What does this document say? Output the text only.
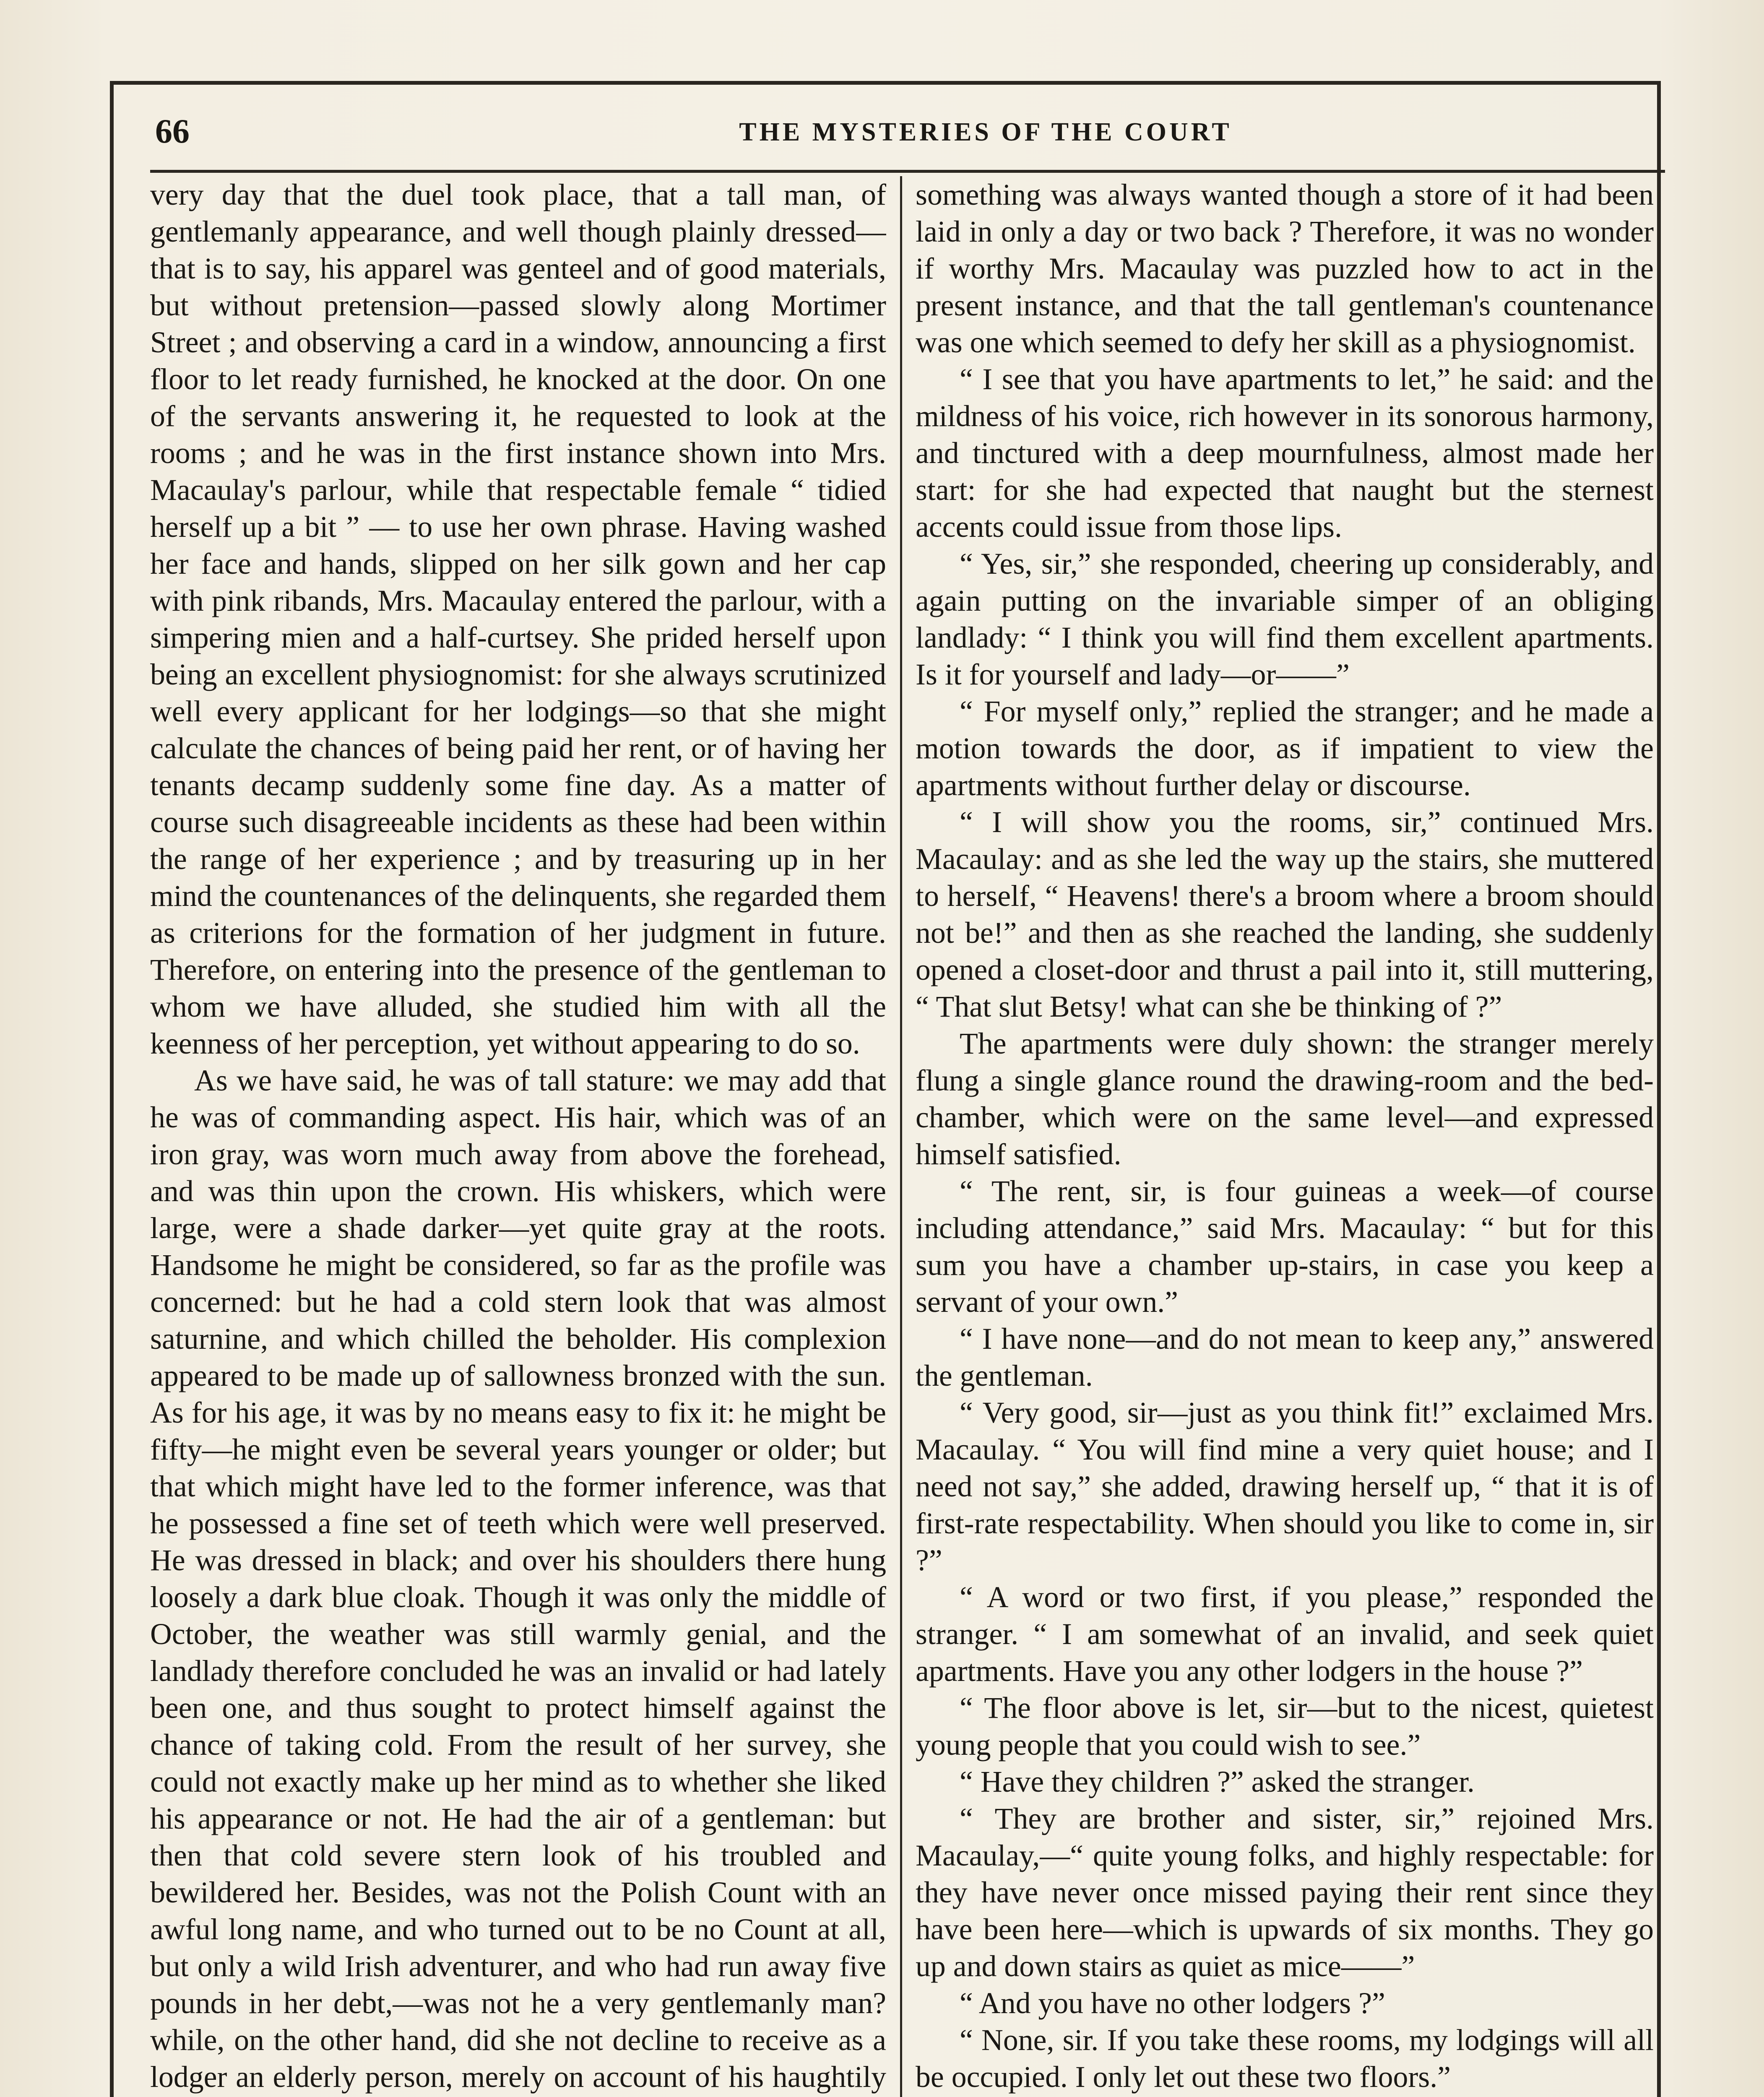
66	THE MYSTERIES OF THE COURT

very day that the duel took place, that a tall man, of gentlemanly appearance, and well though plainly dressed—that is to say, his apparel was genteel and of good materials, but without pretension—passed slowly along Mortimer Street ; and observing a card in a window, announcing a first floor to let ready furnished, he knocked at the door. On one of the servants answering it, he requested to look at the rooms ; and he was in the first instance shown into Mrs. Macaulay's parlour, while that respectable female “ tidied herself up a bit ” — to use her own phrase. Having washed her face and hands, slipped on her silk gown and her cap with pink ribands, Mrs. Macaulay entered the parlour, with a simpering mien and a half-curtsey. She prided herself upon being an excellent physiognomist: for she always scrutinized well every applicant for her lodgings—so that she might calculate the chances of being paid her rent, or of having her tenants decamp suddenly some fine day. As a matter of course such disagreeable incidents as these had been within the range of her experience ; and by treasuring up in her mind the countenances of the delinquents, she regarded them as criterions for the formation of her judgment in future. Therefore, on entering into the presence of the gentleman to whom we have alluded, she studied him with all the keenness of her perception, yet without appearing to do so.

As we have said, he was of tall stature: we may add that he was of commanding aspect. His hair, which was of an iron gray, was worn much away from above the forehead, and was thin upon the crown. His whiskers, which were large, were a shade darker—yet quite gray at the roots. Handsome he might be considered, so far as the profile was concerned: but he had a cold stern look that was almost saturnine, and which chilled the beholder. His complexion appeared to be made up of sallowness bronzed with the sun. As for his age, it was by no means easy to fix it: he might be fifty—he might even be several years younger or older; but that which might have led to the former inference, was that he possessed a fine set of teeth which were well preserved. He was dressed in black; and over his shoulders there hung loosely a dark blue cloak. Though it was only the middle of October, the weather was still warmly genial, and the landlady therefore concluded he was an invalid or had lately been one, and thus sought to protect himself against the chance of taking cold. From the result of her survey, she could not exactly make up her mind as to whether she liked his appearance or not. He had the air of a gentleman: but then that cold severe stern look of his troubled and bewildered her. Besides, was not the Polish Count with an awful long name, and who turned out to be no Count at all, but only a wild Irish adventurer, and who had run away five pounds in her debt,—was not he a very gentlemanly man? while, on the other hand, did she not decline to receive as a lodger an elderly person, merely on account of his haughtily

something was always wanted though a store of it had been laid in only a day or two back ? Therefore, it was no wonder if worthy Mrs. Macaulay was puzzled how to act in the present instance, and that the tall gentleman's countenance was one which seemed to defy her skill as a physiognomist.

“ I see that you have apartments to let,” he said: and the mildness of his voice, rich however in its sonorous harmony, and tinctured with a deep mournfulness, almost made her start: for she had expected that naught but the sternest accents could issue from those lips.

“ Yes, sir,” she responded, cheering up considerably, and again putting on the invariable simper of an obliging landlady: “ I think you will find them excellent apartments. Is it for yourself and lady—or——”

“ For myself only,” replied the stranger; and he made a motion towards the door, as if impatient to view the apartments without further delay or discourse.

“ I will show you the rooms, sir,” continued Mrs. Macaulay: and as she led the way up the stairs, she muttered to herself, “ Heavens! there's a broom where a broom should not be!” and then as she reached the landing, she suddenly opened a closet-door and thrust a pail into it, still muttering, “ That slut Betsy! what can she be thinking of ?”

The apartments were duly shown: the stranger merely flung a single glance round the drawing-room and the bed-chamber, which were on the same level—and expressed himself satisfied.

“ The rent, sir, is four guineas a week—of course including attendance,” said Mrs. Macaulay: “ but for this sum you have a chamber up-stairs, in case you keep a servant of your own.”

“ I have none—and do not mean to keep any,” answered the gentleman.

“ Very good, sir—just as you think fit!” exclaimed Mrs. Macaulay. “ You will find mine a very quiet house; and I need not say,” she added, drawing herself up, “ that it is of first-rate respectability. When should you like to come in, sir ?”

“ A word or two first, if you please,” responded the stranger. “ I am somewhat of an invalid, and seek quiet apartments. Have you any other lodgers in the house ?”

“ The floor above is let, sir—but to the nicest, quietest young people that you could wish to see.”

“ Have they children ?” asked the stranger.

“ They are brother and sister, sir,” rejoined Mrs. Macaulay,—“ quite young folks, and highly respectable: for they have never once missed paying their rent since they have been here—which is upwards of six months. They go up and down stairs as quiet as mice——”

“ And you have no other lodgers ?”

“ None, sir. If you take these rooms, my lodgings will all be occupied. I only let out these two floors.”
